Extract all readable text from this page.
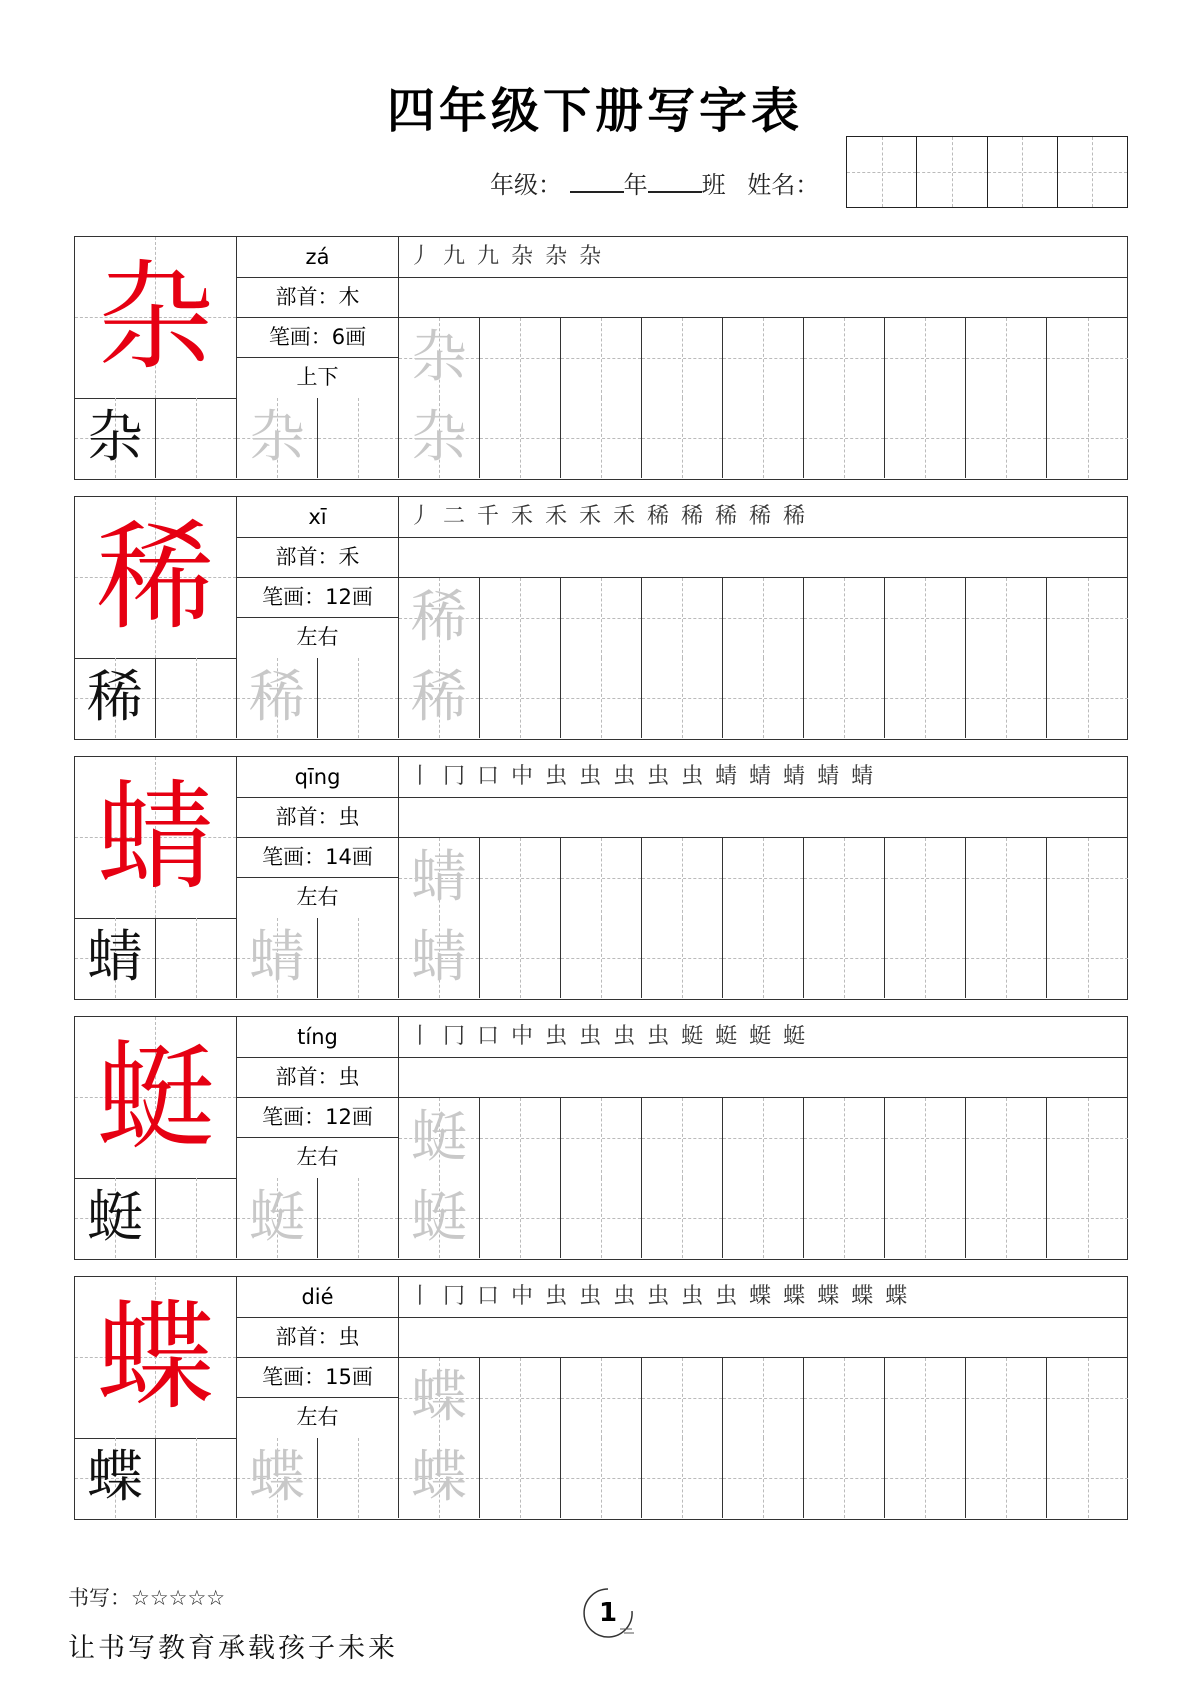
四年级下册写字表
年级：	年 班 姓名：
杂	zá
部首：木
笔画：6画
上下
丿 九 九 杂 杂 杂
杂
杂 杂 杂
稀	xī
部首：禾
笔画：12画
左右
丿 二 千 禾 禾 禾 禾 稀 稀 稀 稀 稀
稀
稀 稀 稀
蜻	qīng
部首：虫
笔画：14画
左右
丨 冂 口 中 虫 虫 虫 虫 虫 蜻 蜻 蜻 蜻 蜻
蜻
蜻 蜻 蜻
蜓	tíng
部首：虫
笔画：12画
左右
丨 冂 口 中 虫 虫 虫 虫 蜓 蜓 蜓 蜓
蜓
蜓 蜓 蜓
蝶	dié
部首：虫
笔画：15画
左右
丨 冂 口 中 虫 虫 虫 虫 虫 虫 蝶 蝶 蝶 蝶 蝶
蝶
蝶 蝶 蝶
书写：☆☆☆☆☆
让书写教育承载孩子未来
1
